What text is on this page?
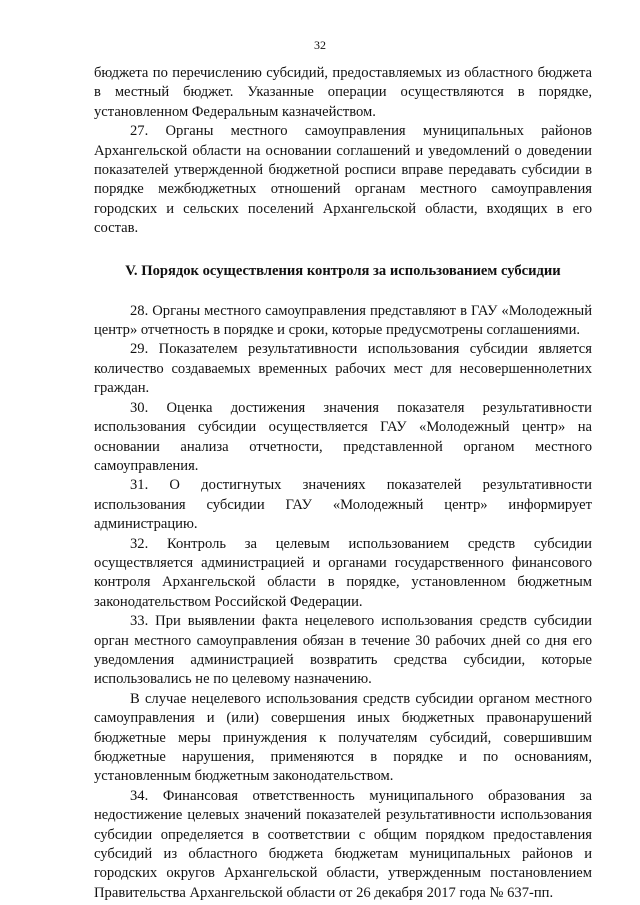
32

бюджета по перечислению субсидий, предоставляемых из областного бюджета в местный бюджет. Указанные операции осуществляются в порядке, установленном Федеральным казначейством.

27. Органы местного самоуправления муниципальных районов Архангельской области на основании соглашений и уведомлений о доведении показателей утвержденной бюджетной росписи вправе передавать субсидии в порядке межбюджетных отношений органам местного самоуправления городских и сельских поселений Архангельской области, входящих в его состав.

V. Порядок осуществления контроля за использованием субсидии

28. Органы местного самоуправления представляют в ГАУ «Молодежный центр» отчетность в порядке и сроки, которые предусмотрены соглашениями.

29. Показателем результативности использования субсидии является количество создаваемых временных рабочих мест для несовершеннолетних граждан.

30. Оценка достижения значения показателя результативности использования субсидии осуществляется ГАУ «Молодежный центр» на основании анализа отчетности, представленной органом местного самоуправления.

31. О достигнутых значениях показателей результативности использования субсидии ГАУ «Молодежный центр» информирует администрацию.

32. Контроль за целевым использованием средств субсидии осуществляется администрацией и органами государственного финансового контроля Архангельской области в порядке, установленном бюджетным законодательством Российской Федерации.

33. При выявлении факта нецелевого использования средств субсидии орган местного самоуправления обязан в течение 30 рабочих дней со дня его уведомления администрацией возвратить средства субсидии, которые использовались не по целевому назначению.

В случае нецелевого использования средств субсидии органом местного самоуправления и (или) совершения иных бюджетных правонарушений бюджетные меры принуждения к получателям субсидий, совершившим бюджетные нарушения, применяются в порядке и по основаниям, установленным бюджетным законодательством.

34. Финансовая ответственность муниципального образования за недостижение целевых значений показателей результативности использования субсидии определяется в соответствии с общим порядком предоставления субсидий из областного бюджета бюджетам муниципальных районов и городских округов Архангельской области, утвержденным постановлением Правительства Архангельской области от 26 декабря 2017 года № 637-пп.
